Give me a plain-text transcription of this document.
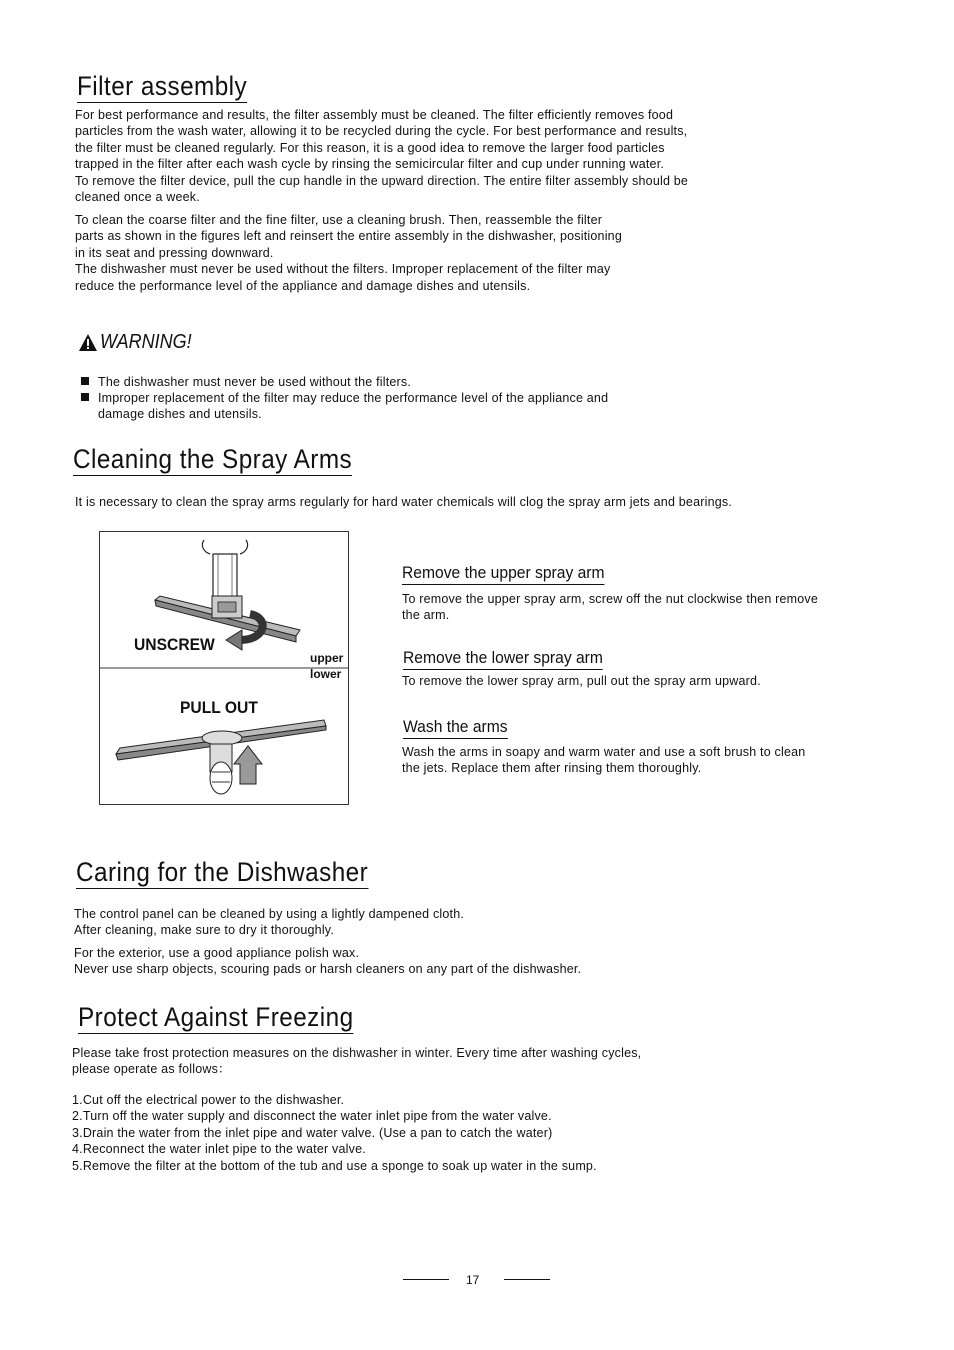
Filter assembly
For best performance and results, the filter assembly must be cleaned. The filter efficiently removes food
particles from the wash water, allowing it to be recycled during the cycle. For best performance and results,
the filter must be cleaned regularly. For this reason, it is a good idea to remove the larger food particles
trapped in the filter after each wash cycle by rinsing the semicircular filter and cup under running water.
To remove the filter device, pull the cup handle in the upward direction. The entire filter assembly should be
cleaned once a week.
To clean the coarse filter and the fine filter, use a cleaning brush. Then, reassemble the filter
parts as shown in the figures left and reinsert the entire assembly in the dishwasher, positioning
in its seat and pressing downward.
The dishwasher must never be used without the filters. Improper replacement of the filter may
reduce the performance level of the appliance and damage dishes and utensils.
WARNING!
The dishwasher must never be used without the filters.
Improper replacement of the filter may reduce the performance level of the appliance and
damage dishes and utensils.
Cleaning the Spray Arms
It is necessary to clean the spray arms regularly for hard water chemicals will clog the spray arm jets and bearings.
UNSCREW
PULL OUT
upper
lower
Remove the upper spray arm
To remove the upper spray arm, screw off the nut clockwise then remove
the arm.
Remove the lower spray arm
To remove the lower spray arm, pull out the spray arm upward.
Wash the arms
Wash the arms in soapy and warm water and use a soft brush to clean
the jets. Replace them after rinsing them thoroughly.
Caring for the Dishwasher
The control panel can be cleaned by using a lightly dampened cloth.
After cleaning, make sure to dry it thoroughly.
For the exterior, use a good appliance polish wax.
Never use sharp objects, scouring pads or harsh cleaners on any part of the dishwasher.
Protect Against Freezing
Please take frost protection measures on the dishwasher in winter. Every time after washing cycles,
please operate as follows：
1.Cut off the electrical power to the dishwasher.
2.Turn off the water supply and disconnect the water inlet pipe from the water valve.
3.Drain the water from the inlet pipe and water valve. (Use a pan to catch the water)
4.Reconnect the water inlet pipe to the water valve.
5.Remove the filter at the bottom of the tub and use a sponge to soak up water in the sump.
17
